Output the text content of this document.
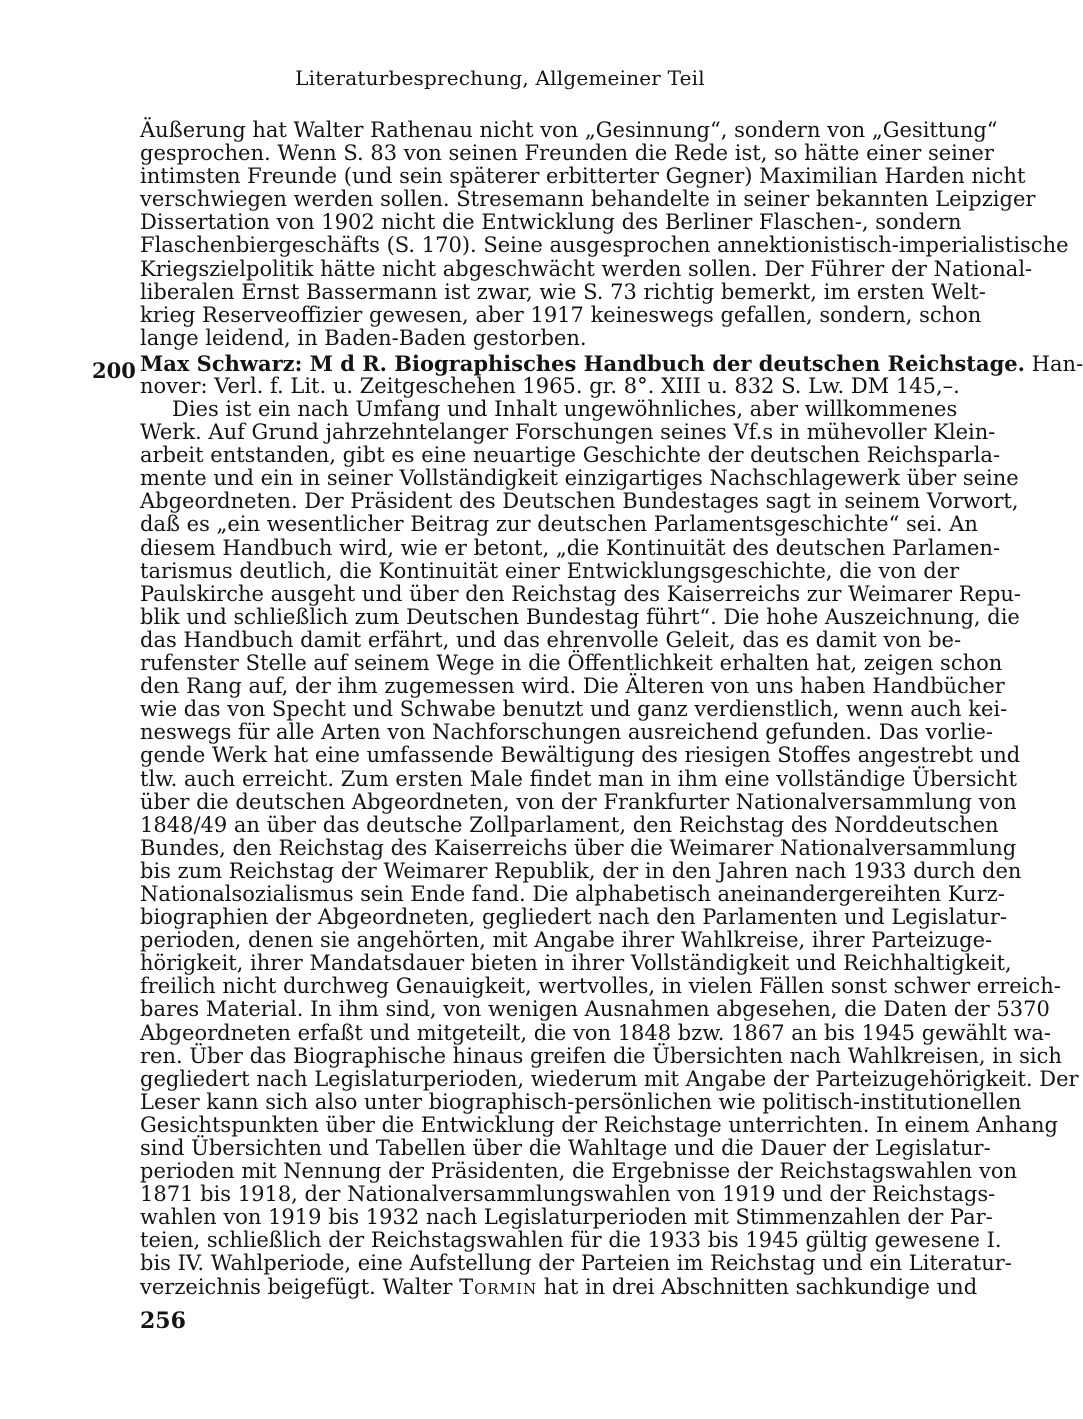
Literaturbesprechung, Allgemeiner Teil
Äußerung hat Walter Rathenau nicht von „Gesinnung“, sondern von „Gesittung“
gesprochen. Wenn S. 83 von seinen Freunden die Rede ist, so hätte einer seiner
intimsten Freunde (und sein späterer erbitterter Gegner) Maximilian Harden nicht
verschwiegen werden sollen. Stresemann behandelte in seiner bekannten Leipziger
Dissertation von 1902 nicht die Entwicklung des Berliner Flaschen-, sondern
Flaschenbiergeschäfts (S. 170). Seine ausgesprochen annektionistisch-imperialistische
Kriegszielpolitik hätte nicht abgeschwächt werden sollen. Der Führer der National-
liberalen Ernst Bassermann ist zwar, wie S. 73 richtig bemerkt, im ersten Welt-
krieg Reserveoffizier gewesen, aber 1917 keineswegs gefallen, sondern, schon
lange leidend, in Baden-Baden gestorben.
200 Max Schwarz: M d R. Biographisches Handbuch der deutschen Reichstage. Han-
nover: Verl. f. Lit. u. Zeitgeschehen 1965. gr. 8°. XIII u. 832 S. Lw. DM 145,–.
Dies ist ein nach Umfang und Inhalt ungewöhnliches, aber willkommenes
Werk. Auf Grund jahrzehntelanger Forschungen seines Vf.s in mühevoller Klein-
arbeit entstanden, gibt es eine neuartige Geschichte der deutschen Reichsparla-
mente und ein in seiner Vollständigkeit einzigartiges Nachschlagewerk über seine
Abgeordneten. Der Präsident des Deutschen Bundestages sagt in seinem Vorwort,
daß es „ein wesentlicher Beitrag zur deutschen Parlamentsgeschichte“ sei. An
diesem Handbuch wird, wie er betont, „die Kontinuität des deutschen Parlamen-
tarismus deutlich, die Kontinuität einer Entwicklungsgeschichte, die von der
Paulskirche ausgeht und über den Reichstag des Kaiserreichs zur Weimarer Repu-
blik und schließlich zum Deutschen Bundestag führt“. Die hohe Auszeichnung, die
das Handbuch damit erfährt, und das ehrenvolle Geleit, das es damit von be-
rufenster Stelle auf seinem Wege in die Öffentlichkeit erhalten hat, zeigen schon
den Rang auf, der ihm zugemessen wird. Die Älteren von uns haben Handbücher
wie das von Specht und Schwabe benutzt und ganz verdienstlich, wenn auch kei-
neswegs für alle Arten von Nachforschungen ausreichend gefunden. Das vorlie-
gende Werk hat eine umfassende Bewältigung des riesigen Stoffes angestrebt und
tlw. auch erreicht. Zum ersten Male findet man in ihm eine vollständige Übersicht
über die deutschen Abgeordneten, von der Frankfurter Nationalversammlung von
1848/49 an über das deutsche Zollparlament, den Reichstag des Norddeutschen
Bundes, den Reichstag des Kaiserreichs über die Weimarer Nationalversammlung
bis zum Reichstag der Weimarer Republik, der in den Jahren nach 1933 durch den
Nationalsozialismus sein Ende fand. Die alphabetisch aneinandergereihten Kurz-
biographien der Abgeordneten, gegliedert nach den Parlamenten und Legislatur-
perioden, denen sie angehörten, mit Angabe ihrer Wahlkreise, ihrer Parteizuge-
hörigkeit, ihrer Mandatsdauer bieten in ihrer Vollständigkeit und Reichhaltigkeit,
freilich nicht durchweg Genauigkeit, wertvolles, in vielen Fällen sonst schwer erreich-
bares Material. In ihm sind, von wenigen Ausnahmen abgesehen, die Daten der 5370
Abgeordneten erfaßt und mitgeteilt, die von 1848 bzw. 1867 an bis 1945 gewählt wa-
ren. Über das Biographische hinaus greifen die Übersichten nach Wahlkreisen, in sich
gegliedert nach Legislaturperioden, wiederum mit Angabe der Parteizugehörigkeit. Der
Leser kann sich also unter biographisch-persönlichen wie politisch-institutionellen
Gesichtspunkten über die Entwicklung der Reichstage unterrichten. In einem Anhang
sind Übersichten und Tabellen über die Wahltage und die Dauer der Legislatur-
perioden mit Nennung der Präsidenten, die Ergebnisse der Reichstagswahlen von
1871 bis 1918, der Nationalversammlungswahlen von 1919 und der Reichstags-
wahlen von 1919 bis 1932 nach Legislaturperioden mit Stimmenzahlen der Par-
teien, schließlich der Reichstagswahlen für die 1933 bis 1945 gültig gewesene I.
bis IV. Wahlperiode, eine Aufstellung der Parteien im Reichstag und ein Literatur-
verzeichnis beigefügt. Walter Tormin hat in drei Abschnitten sachkundige und
256
